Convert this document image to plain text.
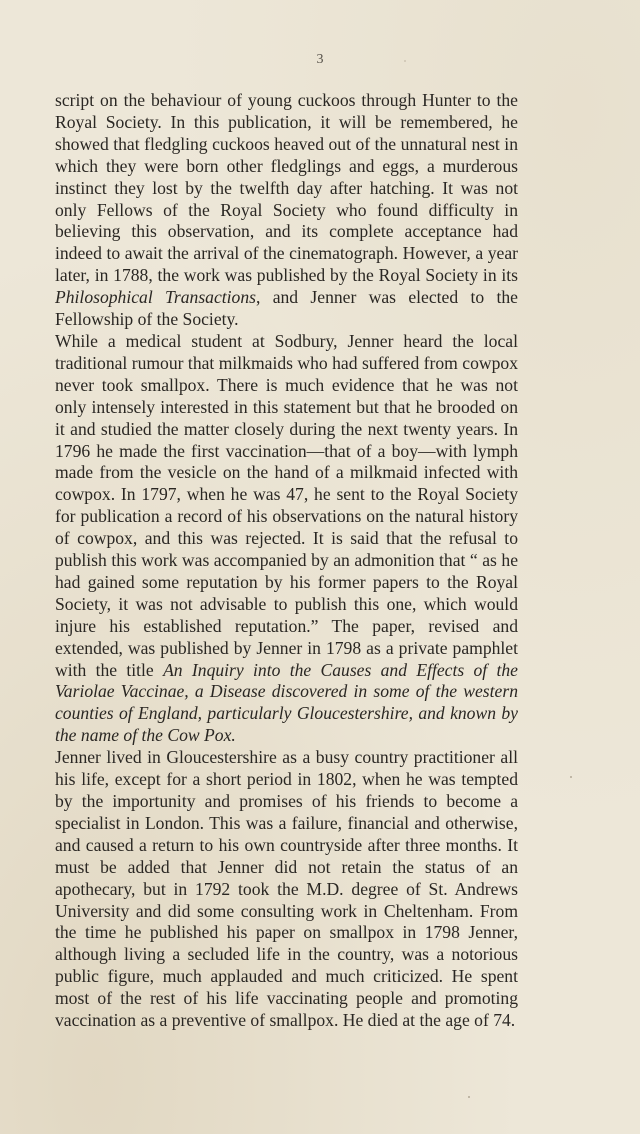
3

script on the behaviour of young cuckoos through Hunter to the Royal Society. In this publication, it will be remembered, he showed that fledgling cuckoos heaved out of the unnatural nest in which they were born other fledglings and eggs, a murderous instinct they lost by the twelfth day after hatching. It was not only Fellows of the Royal Society who found difficulty in believing this observation, and its complete acceptance had indeed to await the arrival of the cinematograph. However, a year later, in 1788, the work was published by the Royal Society in its Philosophical Transactions, and Jenner was elected to the Fellowship of the Society.

While a medical student at Sodbury, Jenner heard the local traditional rumour that milkmaids who had suffered from cowpox never took smallpox. There is much evidence that he was not only intensely interested in this statement but that he brooded on it and studied the matter closely during the next twenty years. In 1796 he made the first vaccination—that of a boy—with lymph made from the vesicle on the hand of a milkmaid infected with cowpox. In 1797, when he was 47, he sent to the Royal Society for publication a record of his observations on the natural history of cowpox, and this was rejected. It is said that the refusal to publish this work was accompanied by an admonition that “ as he had gained some reputation by his former papers to the Royal Society, it was not advisable to publish this one, which would injure his established reputation.” The paper, revised and extended, was published by Jenner in 1798 as a private pamphlet with the title An Inquiry into the Causes and Effects of the Variolae Vaccinae, a Disease discovered in some of the western counties of England, particularly Gloucestershire, and known by the name of the Cow Pox.

Jenner lived in Gloucestershire as a busy country practitioner all his life, except for a short period in 1802, when he was tempted by the importunity and promises of his friends to become a specialist in London. This was a failure, financial and otherwise, and caused a return to his own countryside after three months. It must be added that Jenner did not retain the status of an apothecary, but in 1792 took the M.D. degree of St. Andrews University and did some consulting work in Cheltenham. From the time he published his paper on smallpox in 1798 Jenner, although living a secluded life in the country, was a notorious public figure, much applauded and much criticized. He spent most of the rest of his life vaccinating people and promoting vaccination as a preventive of smallpox. He died at the age of 74.
